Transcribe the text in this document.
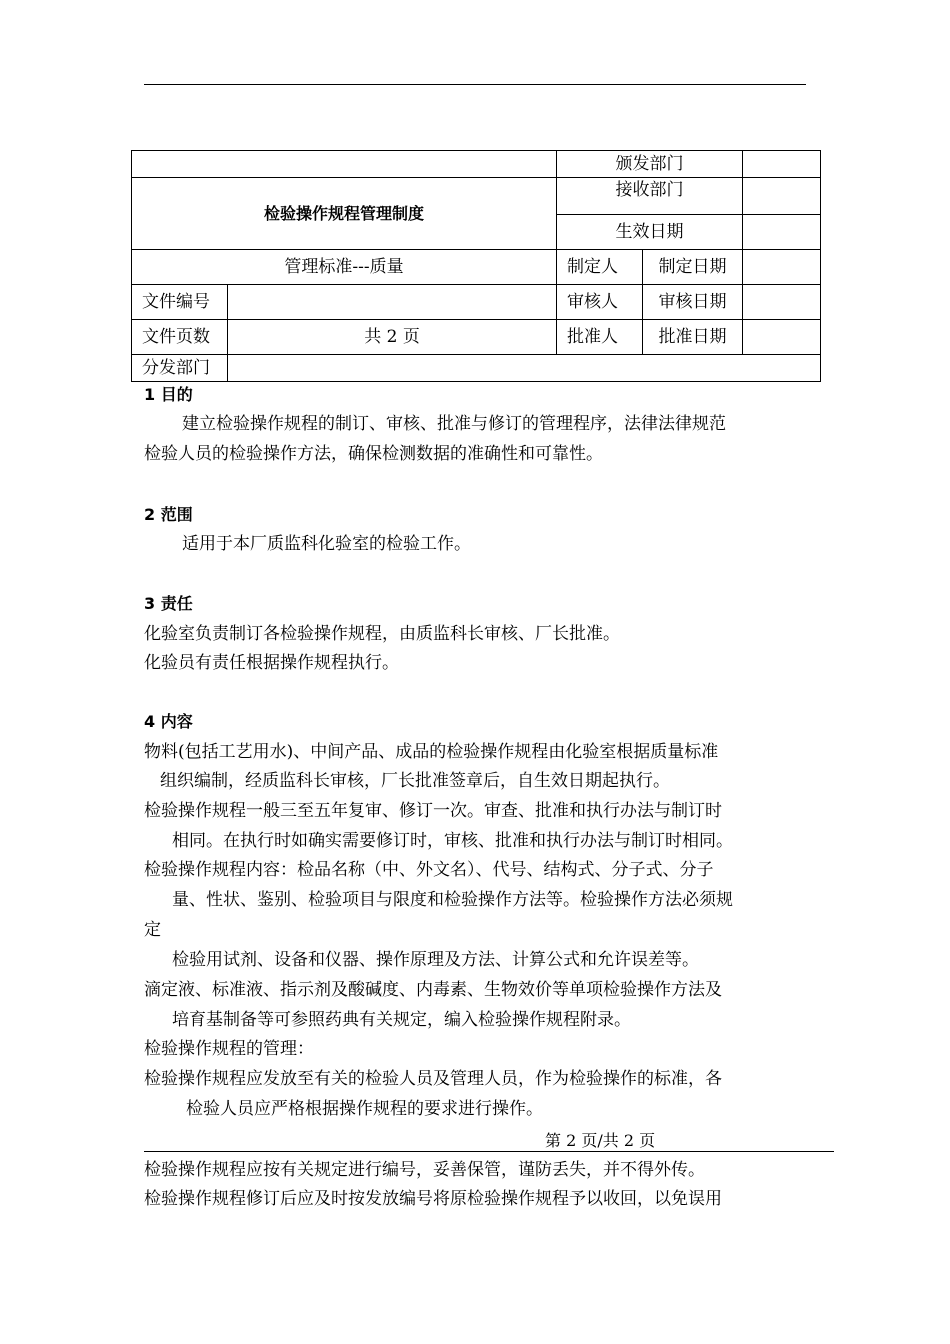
		颁发部门		
检验操作规程管理制度		接收部门		
		生效日期		
管理标准---质量		制定人	制定日期	
文件编号		审核人	审核日期	
文件页数	共 2 页	批准人	批准日期	
分发部门				
1 目的
建立检验操作规程的制订、审核、批准与修订的管理程序，法律法律规范
检验人员的检验操作方法，确保检测数据的准确性和可靠性。
2 范围
适用于本厂质监科化验室的检验工作。
3 责任
化验室负责制订各检验操作规程，由质监科长审核、厂长批准。
化验员有责任根据操作规程执行。
4 内容
物料(包括工艺用水)、中间产品、成品的检验操作规程由化验室根据质量标准
组织编制，经质监科长审核，厂长批准签章后，自生效日期起执行。
检验操作规程一般三至五年复审、修订一次。审查、批准和执行办法与制订时
相同。在执行时如确实需要修订时，审核、批准和执行办法与制订时相同。
检验操作规程内容：检品名称（中、外文名）、代号、结构式、分子式、分子
量、性状、鉴别、检验项目与限度和检验操作方法等。检验操作方法必须规
定
检验用试剂、设备和仪器、操作原理及方法、计算公式和允许误差等。
滴定液、标准液、指示剂及酸碱度、内毒素、生物效价等单项检验操作方法及
培育基制备等可参照药典有关规定，编入检验操作规程附录。
检验操作规程的管理：
检验操作规程应发放至有关的检验人员及管理人员，作为检验操作的标准，各
检验人员应严格根据操作规程的要求进行操作。
第 2 页/共 2 页
检验操作规程应按有关规定进行编号，妥善保管，谨防丢失，并不得外传。
检验操作规程修订后应及时按发放编号将原检验操作规程予以收回，以免误用
